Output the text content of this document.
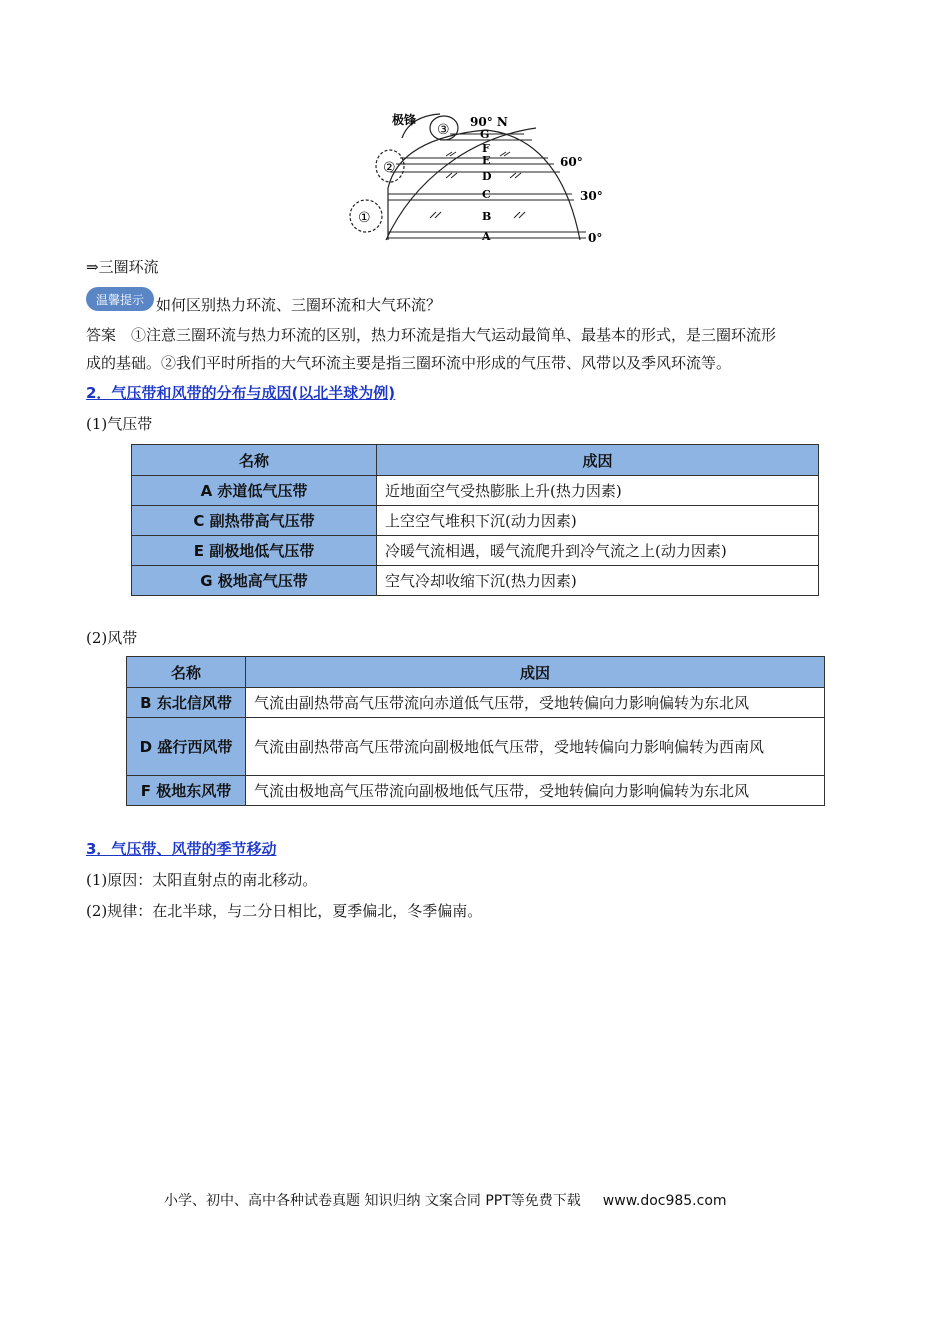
极锋	90° N
60°
30°
0°
G
F
E
D
C
B
A
①
②
③
⇒三圈环流
温馨提示 如何区别热力环流、三圈环流和大气环流？
答案　①注意三圈环流与热力环流的区别，热力环流是指大气运动最简单、最基本的形式，是三圈环流形
成的基础。②我们平时所指的大气环流主要是指三圈环流中形成的气压带、风带以及季风环流等。
2．气压带和风带的分布与成因(以北半球为例)
(1)气压带
名称	成因
A 赤道低气压带	近地面空气受热膨胀上升(热力因素)
C 副热带高气压带	上空空气堆积下沉(动力因素)
E 副极地低气压带	冷暖气流相遇，暖气流爬升到冷气流之上(动力因素)
G 极地高气压带	空气冷却收缩下沉(热力因素)
(2)风带
名称	成因
B 东北信风带	气流由副热带高气压带流向赤道低气压带，受地转偏向力影响偏转为东北风
D 盛行西风带	气流由副热带高气压带流向副极地低气压带，受地转偏向力影响偏转为西南风
F 极地东风带	气流由极地高气压带流向副极地低气压带，受地转偏向力影响偏转为东北风
3．气压带、风带的季节移动
(1)原因：太阳直射点的南北移动。
(2)规律：在北半球，与二分日相比，夏季偏北，冬季偏南。
小学、初中、高中各种试卷真题 知识归纳 文案合同 PPT等免费下载 www.doc985.com
